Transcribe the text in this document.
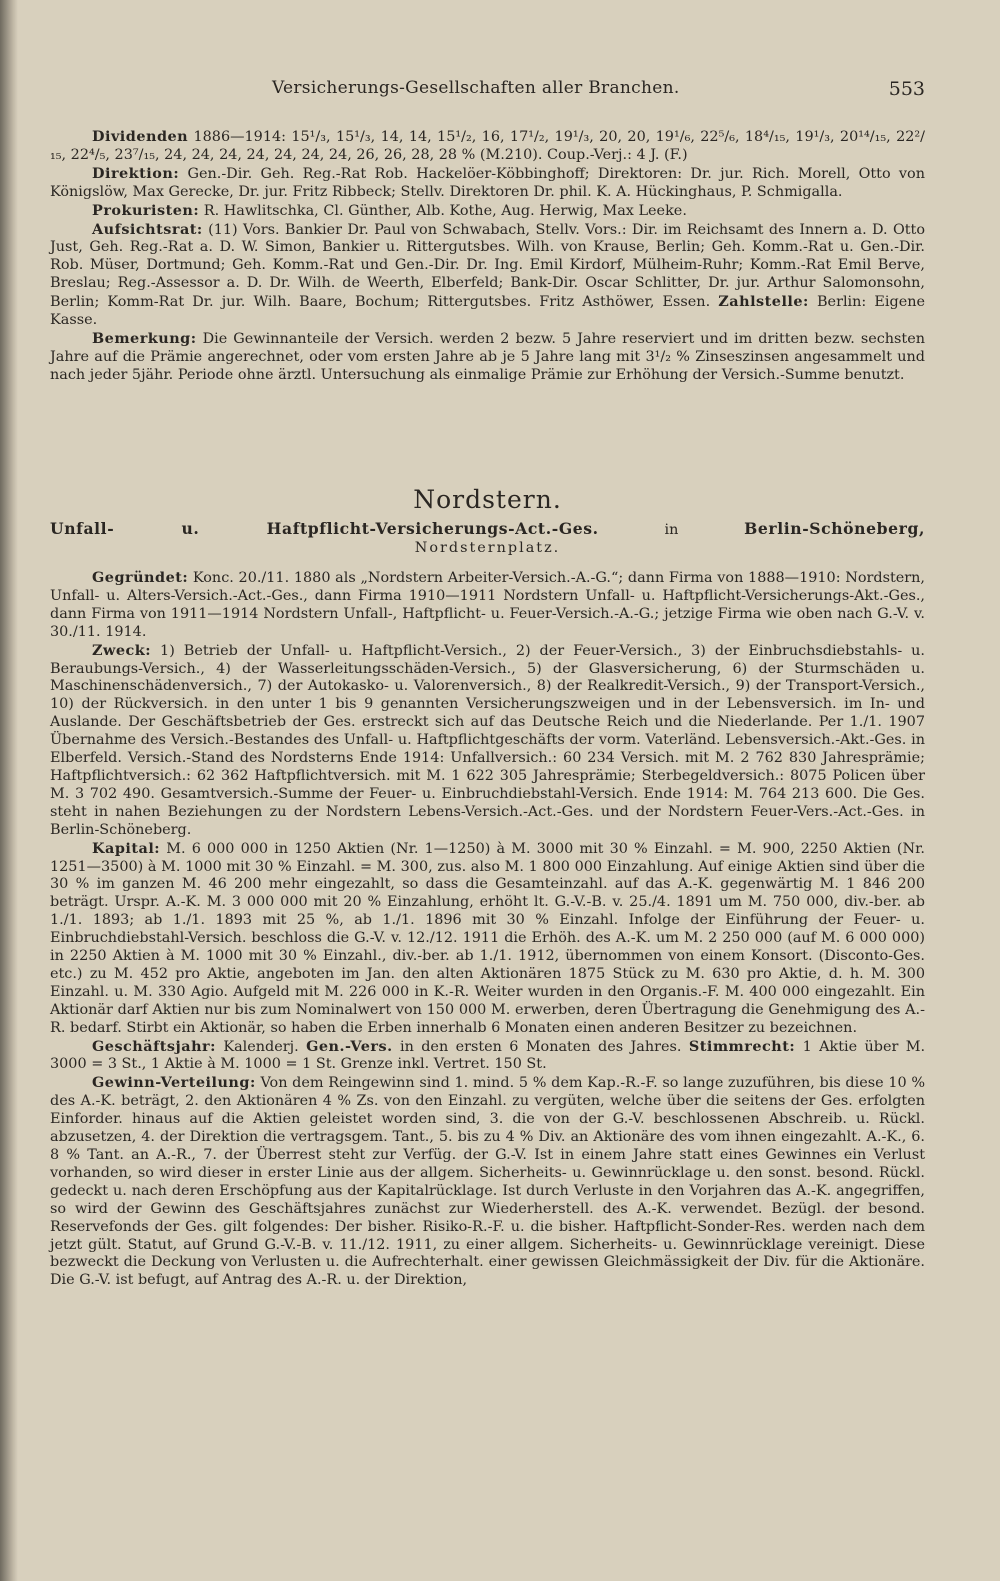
Versicherungs-Gesellschaften aller Branchen.	553

Dividenden 1886—1914: 15¹/₃, 15¹/₃, 14, 14, 15¹/₂, 16, 17¹/₂, 19¹/₃, 20, 20, 19¹/₆, 22⁵/₆, 18⁴/₁₅, 19¹/₃, 20¹⁴/₁₅, 22²/₁₅, 22⁴/₅, 23⁷/₁₅, 24, 24, 24, 24, 24, 24, 24, 26, 26, 28, 28 % (M.210). Coup.-Verj.: 4 J. (F.)

Direktion: Gen.-Dir. Geh. Reg.-Rat Rob. Hackelöer-Köbbinghoff; Direktoren: Dr. jur. Rich. Morell, Otto von Königslöw, Max Gerecke, Dr. jur. Fritz Ribbeck; Stellv. Direktoren Dr. phil. K. A. Hückinghaus, P. Schmigalla.

Prokuristen: R. Hawlitschka, Cl. Günther, Alb. Kothe, Aug. Herwig, Max Leeke.

Aufsichtsrat: (11) Vors. Bankier Dr. Paul von Schwabach, Stellv. Vors.: Dir. im Reichsamt des Innern a. D. Otto Just, Geh. Reg.-Rat a. D. W. Simon, Bankier u. Rittergutsbes. Wilh. von Krause, Berlin; Geh. Komm.-Rat u. Gen.-Dir. Rob. Müser, Dortmund; Geh. Komm.-Rat und Gen.-Dir. Dr. Ing. Emil Kirdorf, Mülheim-Ruhr; Komm.-Rat Emil Berve, Breslau; Reg.-Assessor a. D. Dr. Wilh. de Weerth, Elberfeld; Bank-Dir. Oscar Schlitter, Dr. jur. Arthur Salomonsohn, Berlin; Komm-Rat Dr. jur. Wilh. Baare, Bochum; Rittergutsbes. Fritz Asthöwer, Essen. Zahlstelle: Berlin: Eigene Kasse.

Bemerkung: Die Gewinnanteile der Versich. werden 2 bezw. 5 Jahre reserviert und im dritten bezw. sechsten Jahre auf die Prämie angerechnet, oder vom ersten Jahre ab je 5 Jahre lang mit 3¹/₂ % Zinseszinsen angesammelt und nach jeder 5jähr. Periode ohne ärztl. Untersuchung als einmalige Prämie zur Erhöhung der Versich.-Summe benutzt.

Nordstern.
Unfall- u. Haftpflicht-Versicherungs-Act.-Ges.	in	Berlin-Schöneberg,
Nordsternplatz.

Gegründet: Konc. 20./11. 1880 als „Nordstern Arbeiter-Versich.-A.-G.“; dann Firma von 1888—1910: Nordstern, Unfall- u. Alters-Versich.-Act.-Ges., dann Firma 1910—1911 Nordstern Unfall- u. Haftpflicht-Versicherungs-Akt.-Ges., dann Firma von 1911—1914 Nordstern Unfall-, Haftpflicht- u. Feuer-Versich.-A.-G.; jetzige Firma wie oben nach G.-V. v. 30./11. 1914.

Zweck: 1) Betrieb der Unfall- u. Haftpflicht-Versich., 2) der Feuer-Versich., 3) der Einbruchsdiebstahls- u. Beraubungs-Versich., 4) der Wasserleitungsschäden-Versich., 5) der Glasversicherung, 6) der Sturmschäden u. Maschinenschädenversich., 7) der Autokasko- u. Valorenversich., 8) der Realkredit-Versich., 9) der Transport-Versich., 10) der Rückversich. in den unter 1 bis 9 genannten Versicherungszweigen und in der Lebensversich. im In- und Auslande. Der Geschäftsbetrieb der Ges. erstreckt sich auf das Deutsche Reich und die Niederlande. Per 1./1. 1907 Übernahme des Versich.-Bestandes des Unfall- u. Haftpflichtgeschäfts der vorm. Vaterländ. Lebensversich.-Akt.-Ges. in Elberfeld. Versich.-Stand des Nordsterns Ende 1914: Unfallversich.: 60 234 Versich. mit M. 2 762 830 Jahresprämie; Haftpflichtversich.: 62 362 Haftpflichtversich. mit M. 1 622 305 Jahresprämie; Sterbegeldversich.: 8075 Policen über M. 3 702 490. Gesamtversich.-Summe der Feuer- u. Einbruchdiebstahl-Versich. Ende 1914: M. 764 213 600. Die Ges. steht in nahen Beziehungen zu der Nordstern Lebens-Versich.-Act.-Ges. und der Nordstern Feuer-Vers.-Act.-Ges. in Berlin-Schöneberg.

Kapital: M. 6 000 000 in 1250 Aktien (Nr. 1—1250) à M. 3000 mit 30 % Einzahl. = M. 900, 2250 Aktien (Nr. 1251—3500) à M. 1000 mit 30 % Einzahl. = M. 300, zus. also M. 1 800 000 Einzahlung. Auf einige Aktien sind über die 30 % im ganzen M. 46 200 mehr eingezahlt, so dass die Gesamteinzahl. auf das A.-K. gegenwärtig M. 1 846 200 beträgt. Urspr. A.-K. M. 3 000 000 mit 20 % Einzahlung, erhöht lt. G.-V.-B. v. 25./4. 1891 um M. 750 000, div.-ber. ab 1./1. 1893; ab 1./1. 1893 mit 25 %, ab 1./1. 1896 mit 30 % Einzahl. Infolge der Einführung der Feuer- u. Einbruchdiebstahl-Versich. beschloss die G.-V. v. 12./12. 1911 die Erhöh. des A.-K. um M. 2 250 000 (auf M. 6 000 000) in 2250 Aktien à M. 1000 mit 30 % Einzahl., div.-ber. ab 1./1. 1912, übernommen von einem Konsort. (Disconto-Ges. etc.) zu M. 452 pro Aktie, angeboten im Jan. den alten Aktionären 1875 Stück zu M. 630 pro Aktie, d. h. M. 300 Einzahl. u. M. 330 Agio. Aufgeld mit M. 226 000 in K.-R. Weiter wurden in den Organis.-F. M. 400 000 eingezahlt. Ein Aktionär darf Aktien nur bis zum Nominalwert von 150 000 M. erwerben, deren Übertragung die Genehmigung des A.-R. bedarf. Stirbt ein Aktionär, so haben die Erben innerhalb 6 Monaten einen anderen Besitzer zu bezeichnen.

Geschäftsjahr: Kalenderj. Gen.-Vers. in den ersten 6 Monaten des Jahres. Stimmrecht: 1 Aktie über M. 3000 = 3 St., 1 Aktie à M. 1000 = 1 St. Grenze inkl. Vertret. 150 St.

Gewinn-Verteilung: Von dem Reingewinn sind 1. mind. 5 % dem Kap.-R.-F. so lange zuzuführen, bis diese 10 % des A.-K. beträgt, 2. den Aktionären 4 % Zs. von den Einzahl. zu vergüten, welche über die seitens der Ges. erfolgten Einforder. hinaus auf die Aktien geleistet worden sind, 3. die von der G.-V. beschlossenen Abschreib. u. Rückl. abzusetzen, 4. der Direktion die vertragsgem. Tant., 5. bis zu 4 % Div. an Aktionäre des vom ihnen eingezahlt. A.-K., 6. 8 % Tant. an A.-R., 7. der Überrest steht zur Verfüg. der G.-V. Ist in einem Jahre statt eines Gewinnes ein Verlust vorhanden, so wird dieser in erster Linie aus der allgem. Sicherheits- u. Gewinnrücklage u. den sonst. besond. Rückl. gedeckt u. nach deren Erschöpfung aus der Kapitalrücklage. Ist durch Verluste in den Vorjahren das A.-K. angegriffen, so wird der Gewinn des Geschäftsjahres zunächst zur Wiederherstell. des A.-K. verwendet. Bezügl. der besond. Reservefonds der Ges. gilt folgendes: Der bisher. Risiko-R.-F. u. die bisher. Haftpflicht-Sonder-Res. werden nach dem jetzt gült. Statut, auf Grund G.-V.-B. v. 11./12. 1911, zu einer allgem. Sicherheits- u. Gewinnrücklage vereinigt. Diese bezweckt die Deckung von Verlusten u. die Aufrechterhalt. einer gewissen Gleichmässigkeit der Div. für die Aktionäre. Die G.-V. ist befugt, auf Antrag des A.-R. u. der Direktion,
